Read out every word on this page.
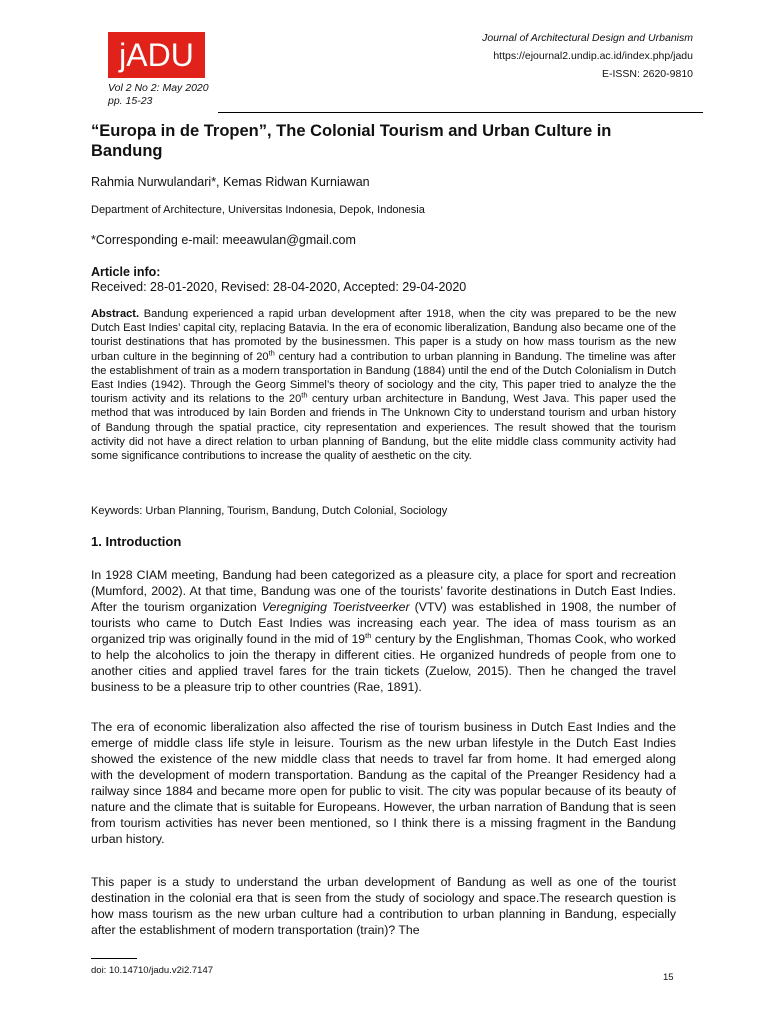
jADU
Vol 2 No 2: May 2020
pp. 15-23
Journal of Architectural Design and Urbanism
https://ejournal2.undip.ac.id/index.php/jadu
E-ISSN: 2620-9810
“Europa in de Tropen”, The Colonial Tourism and Urban Culture in
Bandung
Rahmia Nurwulandari*, Kemas Ridwan Kurniawan
Department of Architecture, Universitas Indonesia, Depok, Indonesia
*Corresponding e-mail: meeawulan@gmail.com
Article info:
Received: 28-01-2020, Revised: 28-04-2020, Accepted: 29-04-2020
Abstract. Bandung experienced a rapid urban development after 1918, when the city was prepared to be the new Dutch East Indies’ capital city, replacing Batavia. In the era of economic liberalization, Bandung also became one of the tourist destinations that has promoted by the businessmen. This paper is a study on how mass tourism as the new urban culture in the beginning of 20th century had a contribution to urban planning in Bandung. The timeline was after the establishment of train as a modern transportation in Bandung (1884) until the end of the Dutch Colonialism in Dutch East Indies (1942). Through the Georg Simmel’s theory of sociology and the city, This paper tried to analyze the the tourism activity and its relations to the 20th century urban architecture in Bandung, West Java. This paper used the method that was introduced by Iain Borden and friends in The Unknown City to understand tourism and urban history of Bandung through the spatial practice, city representation and experiences. The result showed that the tourism activity did not have a direct relation to urban planning of Bandung, but the elite middle class community activity had some significance contributions to increase the quality of aesthetic on the city.
Keywords: Urban Planning, Tourism, Bandung, Dutch Colonial, Sociology
1. Introduction
In 1928 CIAM meeting, Bandung had been categorized as a pleasure city, a place for sport and recreation (Mumford, 2002). At that time, Bandung was one of the tourists’ favorite destinations in Dutch East Indies. After the tourism organization Veregniging Toeristveerker (VTV) was established in 1908, the number of tourists who came to Dutch East Indies was increasing each year. The idea of mass tourism as an organized trip was originally found in the mid of 19th century by the Englishman, Thomas Cook, who worked to help the alcoholics to join the therapy in different cities. He organized hundreds of people from one to another cities and applied travel fares for the train tickets (Zuelow, 2015). Then he changed the travel business to be a pleasure trip to other countries (Rae, 1891).
The era of economic liberalization also affected the rise of tourism business in Dutch East Indies and the emerge of middle class life style in leisure. Tourism as the new urban lifestyle in the Dutch East Indies showed the existence of the new middle class that needs to travel far from home. It had emerged along with the development of modern transportation. Bandung as the capital of the Preanger Residency had a railway since 1884 and became more open for public to visit. The city was popular because of its beauty of nature and the climate that is suitable for Europeans. However, the urban narration of Bandung that is seen from tourism activities has never been mentioned, so I think there is a missing fragment in the Bandung urban history.
This paper is a study to understand the urban development of Bandung as well as one of the tourist destination in the colonial era that is seen from the study of sociology and space.The research question is how mass tourism as the new urban culture had a contribution to urban planning in Bandung, especially after the establishment of modern transportation (train)? The
doi: 10.14710/jadu.v2i2.7147
15
